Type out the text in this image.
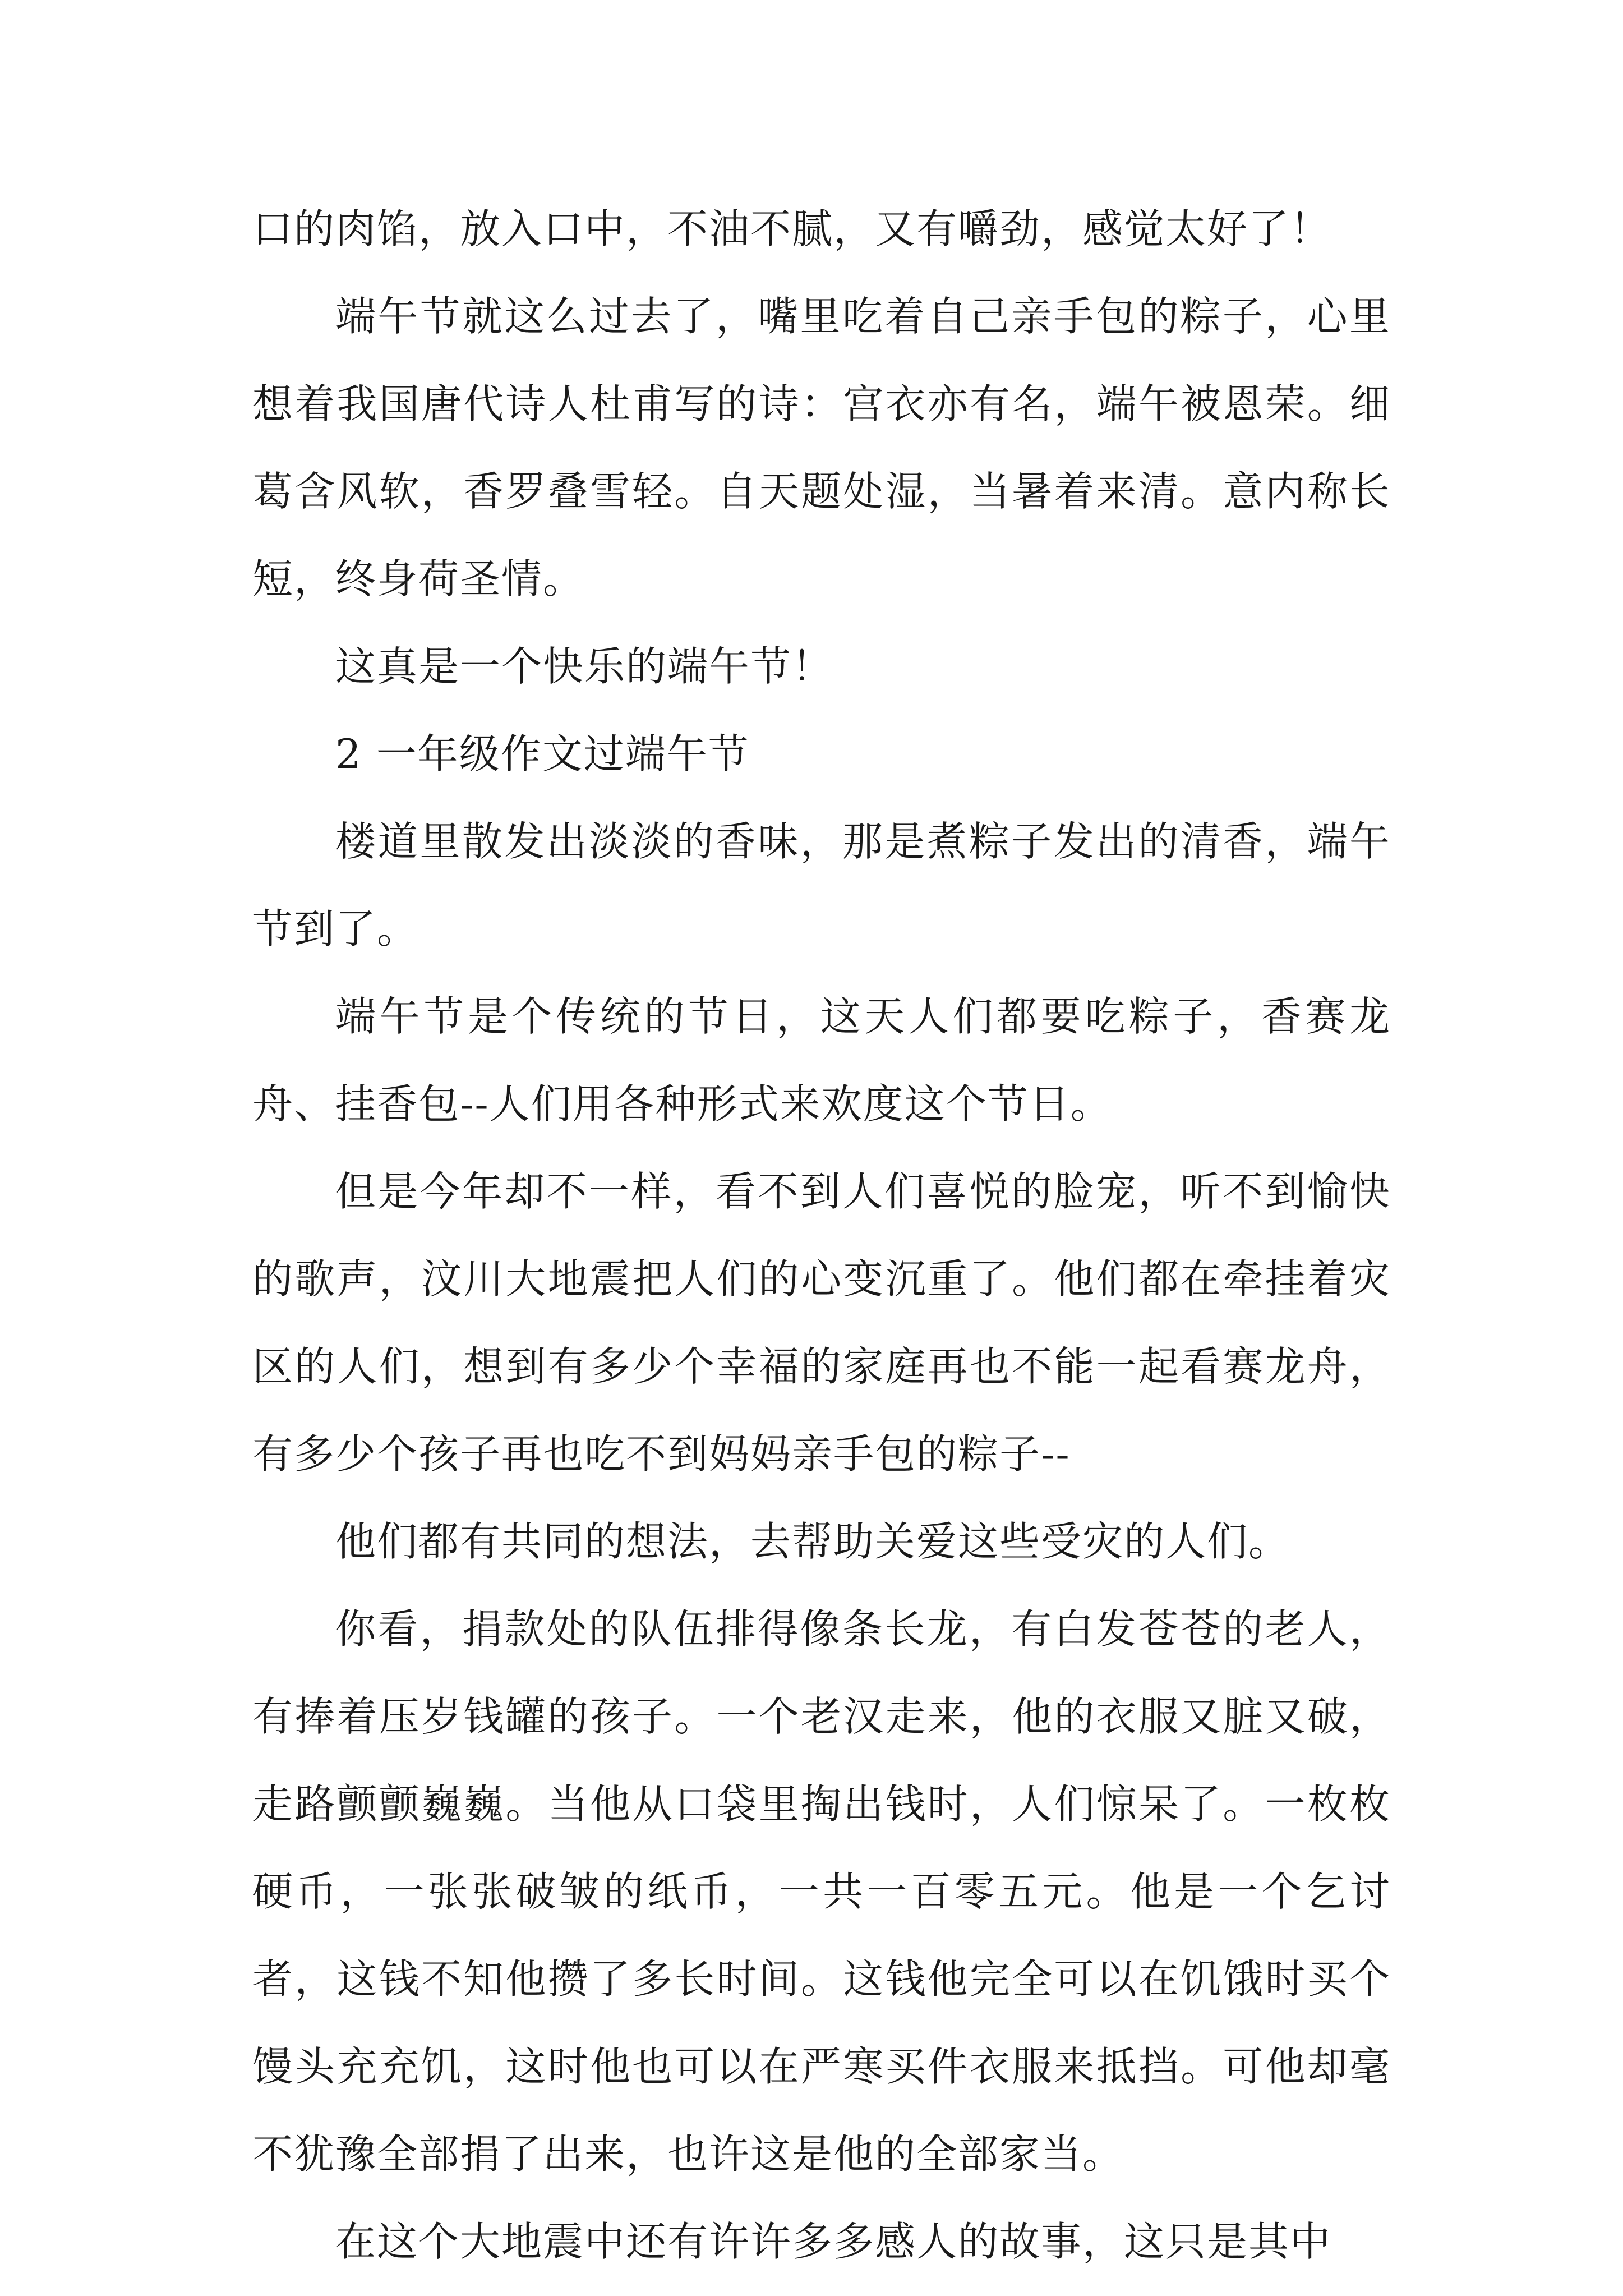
口的肉馅，放入口中，不油不腻，又有嚼劲，感觉太好了！

端午节就这么过去了，嘴里吃着自己亲手包的粽子，心里想着我国唐代诗人杜甫写的诗：宫衣亦有名，端午被恩荣。细葛含风软，香罗叠雪轻。自天题处湿，当暑着来清。意内称长短，终身荷圣情。

这真是一个快乐的端午节！

2 一年级作文过端午节

楼道里散发出淡淡的香味，那是煮粽子发出的清香，端午节到了。

端午节是个传统的节日，这天人们都要吃粽子，香赛龙舟、挂香包--人们用各种形式来欢度这个节日。

但是今年却不一样，看不到人们喜悦的脸宠，听不到愉快的歌声，汶川大地震把人们的心变沉重了。他们都在牵挂着灾区的人们，想到有多少个幸福的家庭再也不能一起看赛龙舟，有多少个孩子再也吃不到妈妈亲手包的粽子--

他们都有共同的想法，去帮助关爱这些受灾的人们。

你看，捐款处的队伍排得像条长龙，有白发苍苍的老人，有捧着压岁钱罐的孩子。一个老汉走来，他的衣服又脏又破，走路颤颤巍巍。当他从口袋里掏出钱时，人们惊呆了。一枚枚硬币，一张张破皱的纸币，一共一百零五元。他是一个乞讨者，这钱不知他攒了多长时间。这钱他完全可以在饥饿时买个馒头充充饥，这时他也可以在严寒买件衣服来抵挡。可他却毫不犹豫全部捐了出来，也许这是他的全部家当。

在这个大地震中还有许许多多感人的故事，这只是其中
